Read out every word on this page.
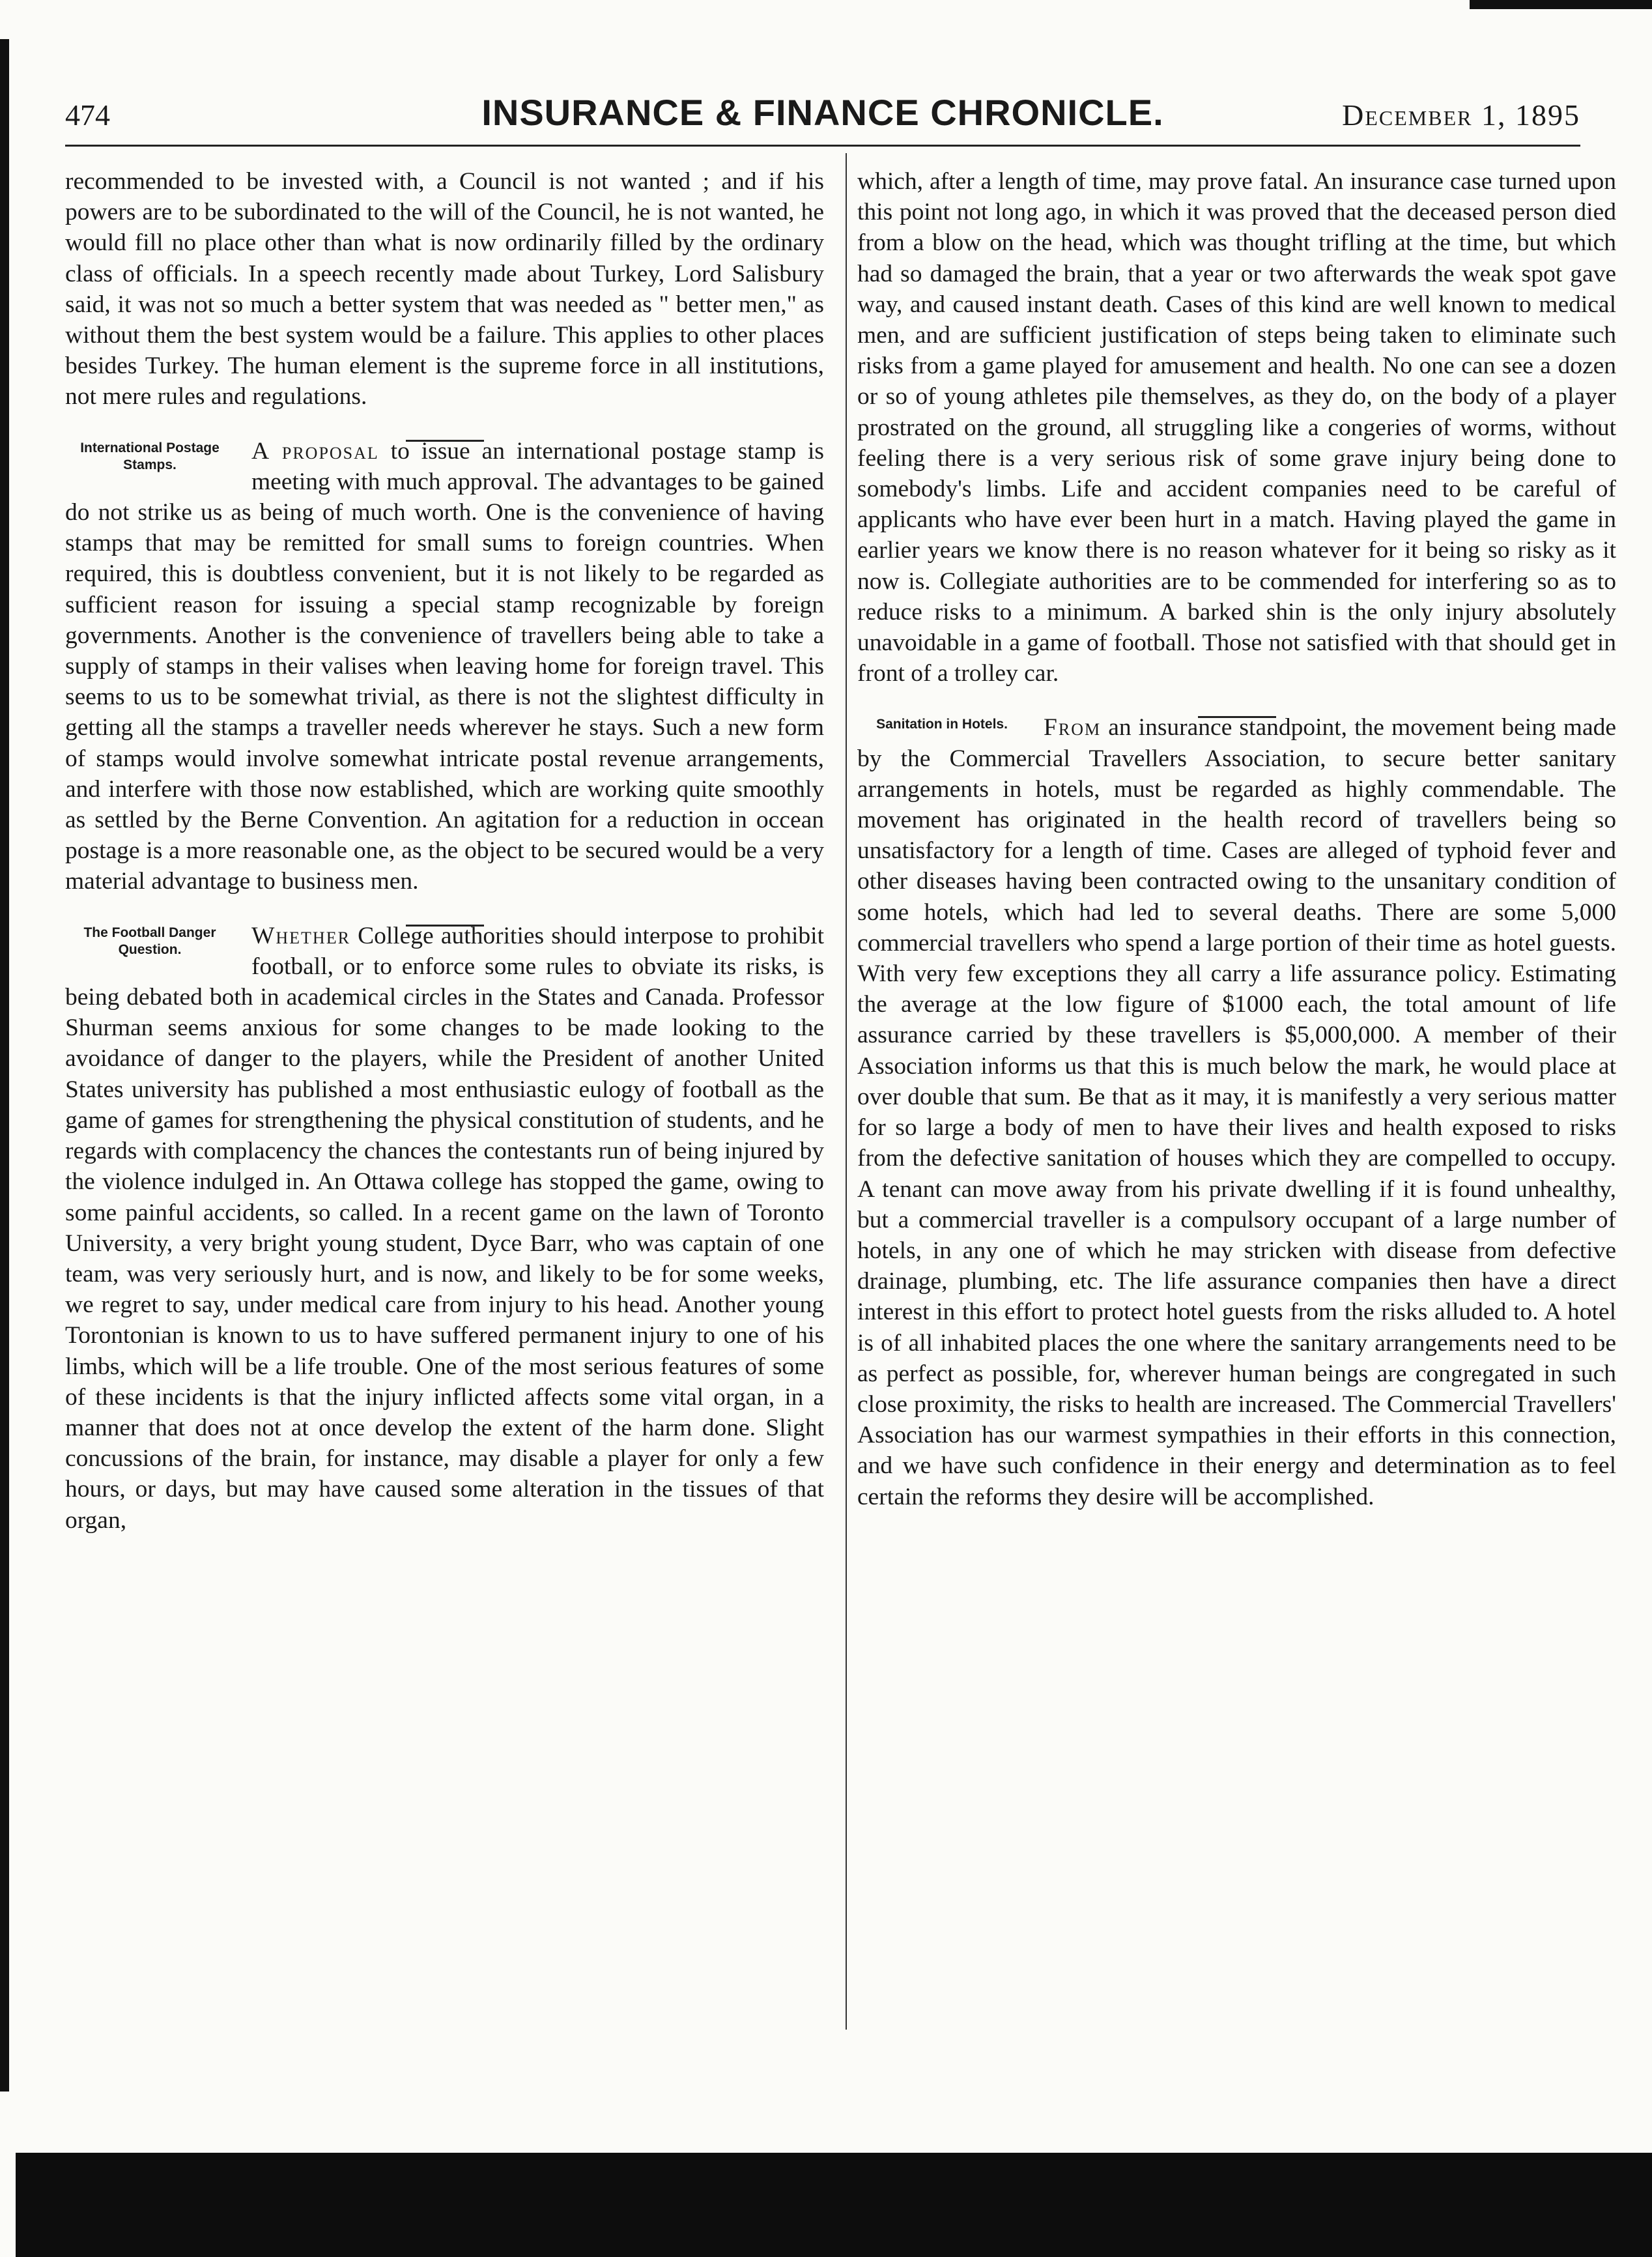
474	INSURANCE & FINANCE CHRONICLE.	December 1, 1895

recommended to be invested with, a Council is not wanted ; and if his powers are to be subordinated to the will of the Council, he is not wanted, he would fill no place other than what is now ordinarily filled by the ordinary class of officials. In a speech recently made about Turkey, Lord Salisbury said, it was not so much a better system that was needed as " better men," as without them the best system would be a failure. This applies to other places besides Turkey. The human element is the supreme force in all institutions, not mere rules and regulations.

International Postage Stamps.

A proposal to issue an international postage stamp is meeting with much approval. The advantages to be gained do not strike us as being of much worth. One is the convenience of having stamps that may be remitted for small sums to foreign countries. When required, this is doubtless convenient, but it is not likely to be regarded as sufficient reason for issuing a special stamp recognizable by foreign governments. Another is the convenience of travellers being able to take a supply of stamps in their valises when leaving home for foreign travel. This seems to us to be somewhat trivial, as there is not the slightest difficulty in getting all the stamps a traveller needs wherever he stays. Such a new form of stamps would involve somewhat intricate postal revenue arrangements, and interfere with those now established, which are working quite smoothly as settled by the Berne Convention. An agitation for a reduction in occean postage is a more reasonable one, as the object to be secured would be a very material advantage to business men.

The Football Danger Question.

Whether College authorities should interpose to prohibit football, or to enforce some rules to obviate its risks, is being debated both in academical circles in the States and Canada. Professor Shurman seems anxious for some changes to be made looking to the avoidance of danger to the players, while the President of another United States university has published a most enthusiastic eulogy of football as the game of games for strengthening the physical constitution of students, and he regards with complacency the chances the contestants run of being injured by the violence indulged in. An Ottawa college has stopped the game, owing to some painful accidents, so called. In a recent game on the lawn of Toronto University, a very bright young student, Dyce Barr, who was captain of one team, was very seriously hurt, and is now, and likely to be for some weeks, we regret to say, under medical care from injury to his head. Another young Torontonian is known to us to have suffered permanent injury to one of his limbs, which will be a life trouble. One of the most serious features of some of these incidents is that the injury inflicted affects some vital organ, in a manner that does not at once develop the extent of the harm done. Slight concussions of the brain, for instance, may disable a player for only a few hours, or days, but may have caused some alteration in the tissues of that organ,

which, after a length of time, may prove fatal. An insurance case turned upon this point not long ago, in which it was proved that the deceased person died from a blow on the head, which was thought trifling at the time, but which had so damaged the brain, that a year or two afterwards the weak spot gave way, and caused instant death. Cases of this kind are well known to medical men, and are sufficient justification of steps being taken to eliminate such risks from a game played for amusement and health. No one can see a dozen or so of young athletes pile themselves, as they do, on the body of a player prostrated on the ground, all struggling like a congeries of worms, without feeling there is a very serious risk of some grave injury being done to somebody's limbs. Life and accident companies need to be careful of applicants who have ever been hurt in a match. Having played the game in earlier years we know there is no reason whatever for it being so risky as it now is. Collegiate authorities are to be commended for interfering so as to reduce risks to a minimum. A barked shin is the only injury absolutely unavoidable in a game of football. Those not satisfied with that should get in front of a trolley car.

Sanitation in Hotels.	From an insurance standpoint, the movement being made by the Commercial Travellers Association, to secure better sanitary arrangements in hotels, must be regarded as highly commendable. The movement has originated in the health record of travellers being so unsatisfactory for a length of time. Cases are alleged of typhoid fever and other diseases having been contracted owing to the unsanitary condition of some hotels, which had led to several deaths. There are some 5,000 commercial travellers who spend a large portion of their time as hotel guests. With very few exceptions they all carry a life assurance policy. Estimating the average at the low figure of $1000 each, the total amount of life assurance carried by these travellers is $5,000,000. A member of their Association informs us that this is much below the mark, he would place at over double that sum. Be that as it may, it is manifestly a very serious matter for so large a body of men to have their lives and health exposed to risks from the defective sanitation of houses which they are compelled to occupy. A tenant can move away from his private dwelling if it is found unhealthy, but a commercial traveller is a compulsory occupant of a large number of hotels, in any one of which he may stricken with disease from defective drainage, plumbing, etc. The life assurance companies then have a direct interest in this effort to protect hotel guests from the risks alluded to. A hotel is of all inhabited places the one where the sanitary arrangements need to be as perfect as possible, for, wherever human beings are congregated in such close proximity, the risks to health are increased. The Commercial Travellers' Association has our warmest sympathies in their efforts in this connection, and we have such confidence in their energy and determination as to feel certain the reforms they desire will be accomplished.
